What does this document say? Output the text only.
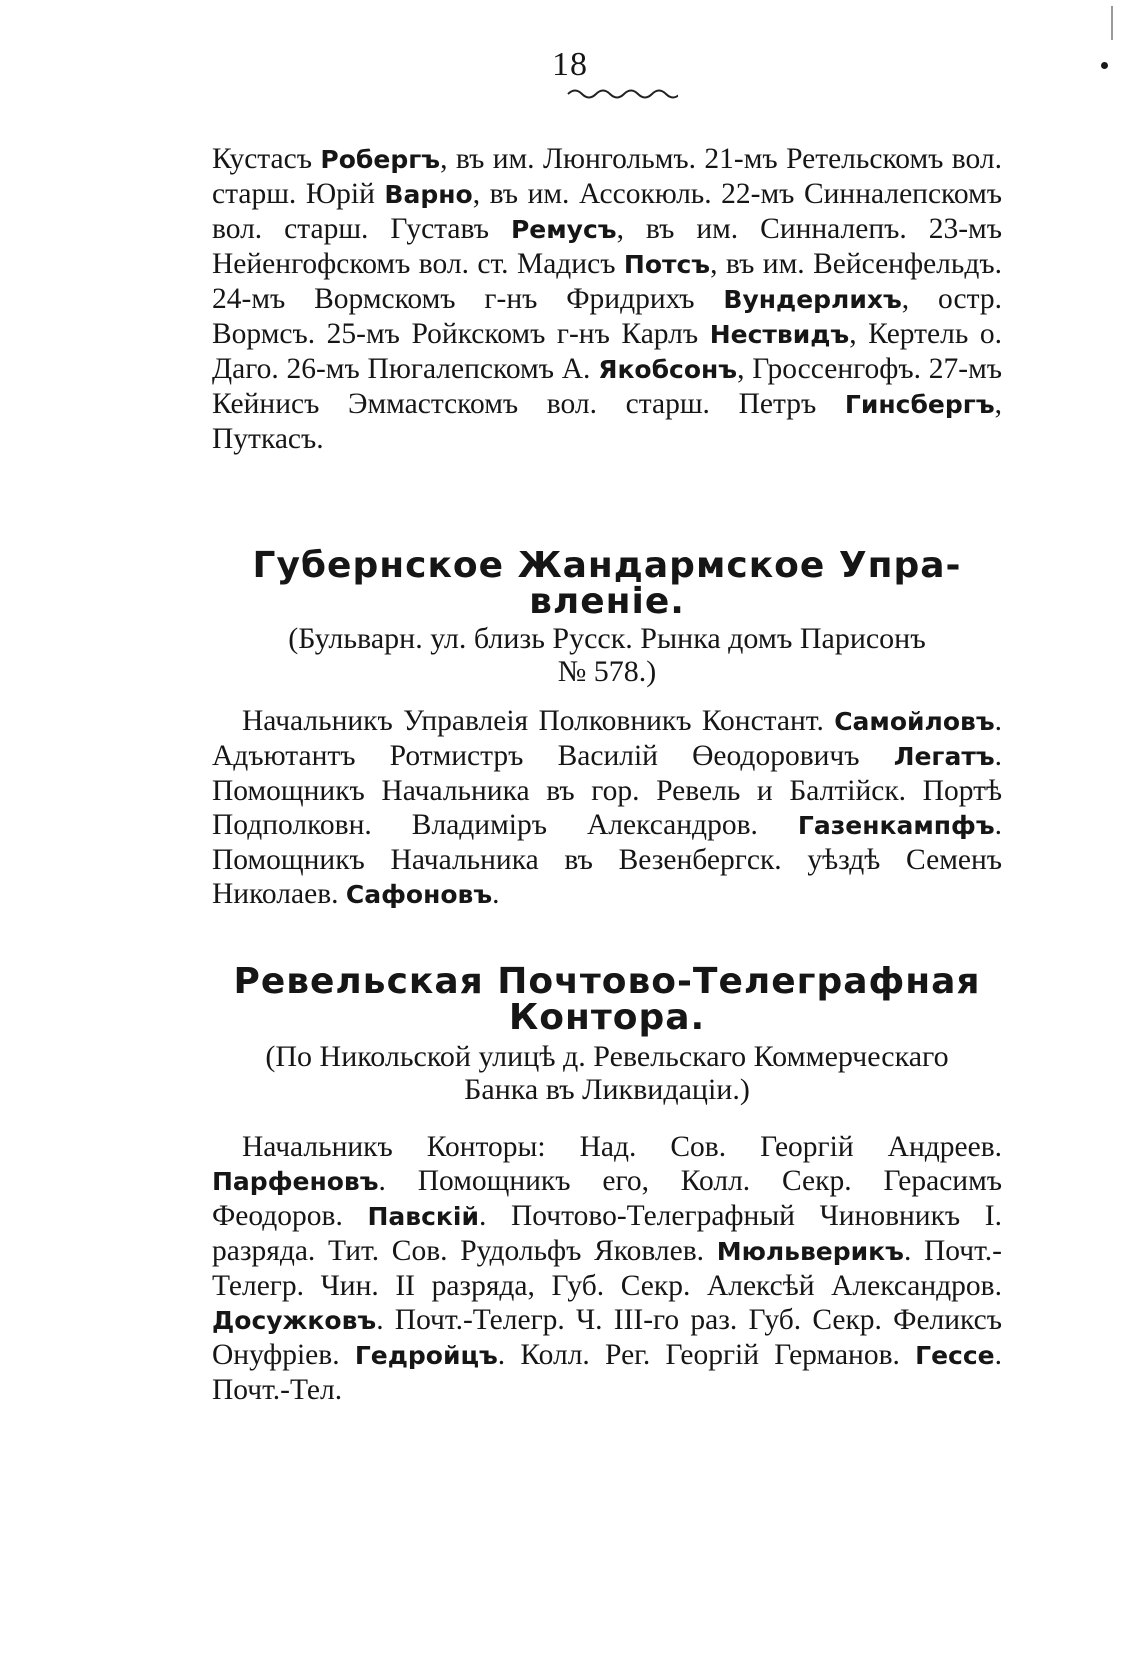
18

Кустасъ Робергъ, въ им. Люнгольмъ. 21-мъ Ретельскомъ вол. старш. Юрій Варно, въ им. Ассокюль. 22-мъ Синналепскомъ вол. старш. Густавъ Ремусъ, въ им. Синналепъ. 23-мъ Нейенгофскомъ вол. ст. Мадисъ Потсъ, въ им. Вейсенфельдъ. 24-мъ Вормскомъ г-нъ Фридрихъ Вундерлихъ, остр. Вормсъ. 25-мъ Ройкскомъ г-нъ Карлъ Нествидъ, Кертель о. Даго. 26-мъ Пюгалепскомъ А. Якобсонъ, Гроссенгофъ. 27-мъ Кейнисъ Эммастскомъ вол. старш. Петръ Гинсбергъ, Путкасъ.

Губернское Жандармское Упра-

вленіе.

(Бульварн. ул. близь Русск. Рынка домъ Парисонъ

№ 578.)

Начальникъ Управлеія Полковникъ Констант. Самойловъ. Адъютантъ Ротмистръ Василій Өеодоровичъ Легатъ. Помощникъ Начальника въ гор. Ревель и Балтійск. Портѣ Подполковн. Владиміръ Александров. Газенкампфъ. Помощникъ Начальника въ Везенбергск. уѣздѣ Семенъ Николаев. Сафоновъ.

Ревельская Почтово-Телеграфная

Контора.

(По Никольской улицѣ д. Ревельскаго Коммерческаго

Банка въ Ликвидаціи.)

Начальникъ Конторы: Над. Сов. Георгій Андреев. Парфеновъ. Помощникъ его, Колл. Секр. Герасимъ Феодоров. Павскій. Почтово-Телеграфный Чиновникъ I. разряда. Тит. Сов. Рудольфъ Яковлев. Мюльверикъ. Почт.-Телегр. Чин. II разряда, Губ. Секр. Алексѣй Александров. Досужковъ. Почт.-Телегр. Ч. III-го раз. Губ. Секр. Феликсъ Онуфріев. Гедройцъ. Колл. Рег. Георгій Германов. Гессе. Почт.-Тел.
